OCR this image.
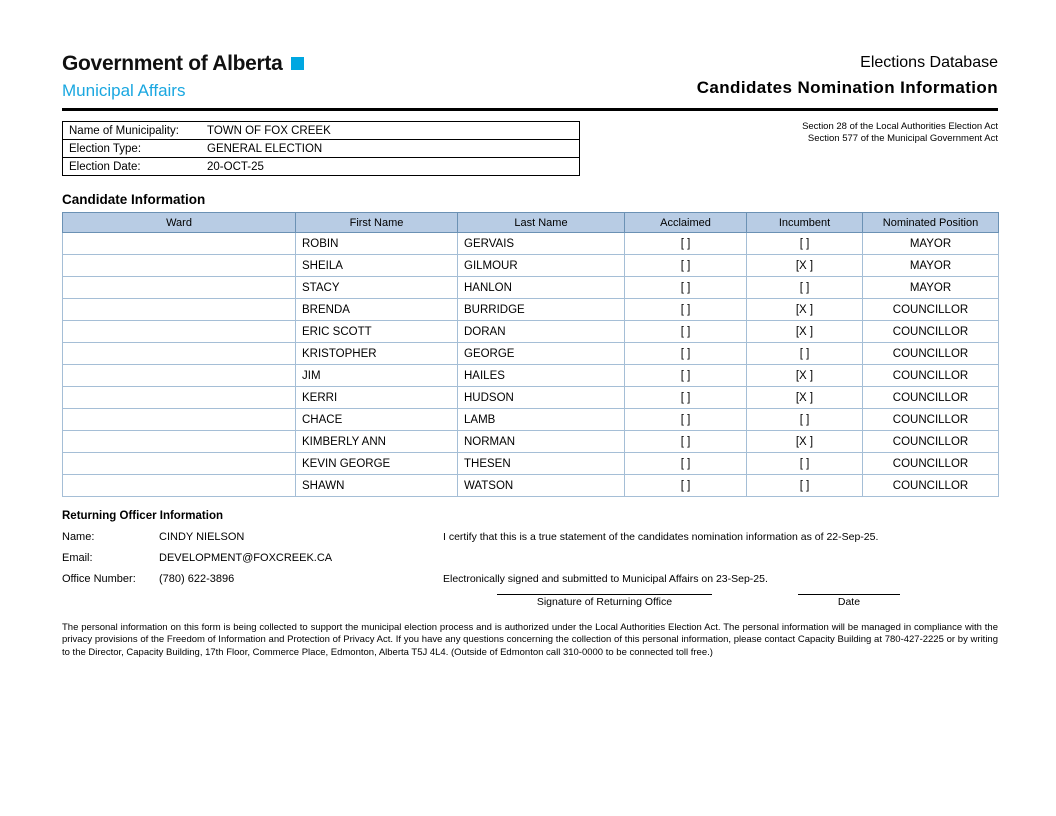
Government of Alberta
Municipal Affairs
Elections Database
Candidates Nomination Information
Name of Municipality:	TOWN OF FOX CREEK
Election Type:	GENERAL ELECTION
Election Date:	20-OCT-25
Section 28 of the Local Authorities Election Act
Section 577 of the Municipal Government Act
Candidate Information
Ward	First Name	Last Name	Acclaimed	Incumbent	Nominated Position
	ROBIN	GERVAIS	[ ]	[ ]	MAYOR
	SHEILA	GILMOUR	[ ]	[X ]	MAYOR
	STACY	HANLON	[ ]	[ ]	MAYOR
	BRENDA	BURRIDGE	[ ]	[X ]	COUNCILLOR
	ERIC SCOTT	DORAN	[ ]	[X ]	COUNCILLOR
	KRISTOPHER	GEORGE	[ ]	[ ]	COUNCILLOR
	JIM	HAILES	[ ]	[X ]	COUNCILLOR
	KERRI	HUDSON	[ ]	[X ]	COUNCILLOR
	CHACE	LAMB	[ ]	[ ]	COUNCILLOR
	KIMBERLY ANN	NORMAN	[ ]	[X ]	COUNCILLOR
	KEVIN GEORGE	THESEN	[ ]	[ ]	COUNCILLOR
	SHAWN	WATSON	[ ]	[ ]	COUNCILLOR
Returning Officer Information
Name:	CINDY NIELSON
Email:	DEVELOPMENT@FOXCREEK.CA
Office Number:	(780) 622-3896
I certify that this is a true statement of the candidates nomination information as of 22-Sep-25.
Electronically signed and submitted to Municipal Affairs on 23-Sep-25.
Signature of Returning Office	Date
The personal information on this form is being collected to support the municipal election process and is authorized under the Local Authorities Election Act. The personal information will be managed in compliance with the privacy provisions of the Freedom of Information and Protection of Privacy Act. If you have any questions concerning the collection of this personal information, please contact Capacity Building at 780-427-2225 or by writing to the Director, Capacity Building, 17th Floor, Commerce Place, Edmonton, Alberta T5J 4L4. (Outside of Edmonton call 310-0000 to be connected toll free.)
